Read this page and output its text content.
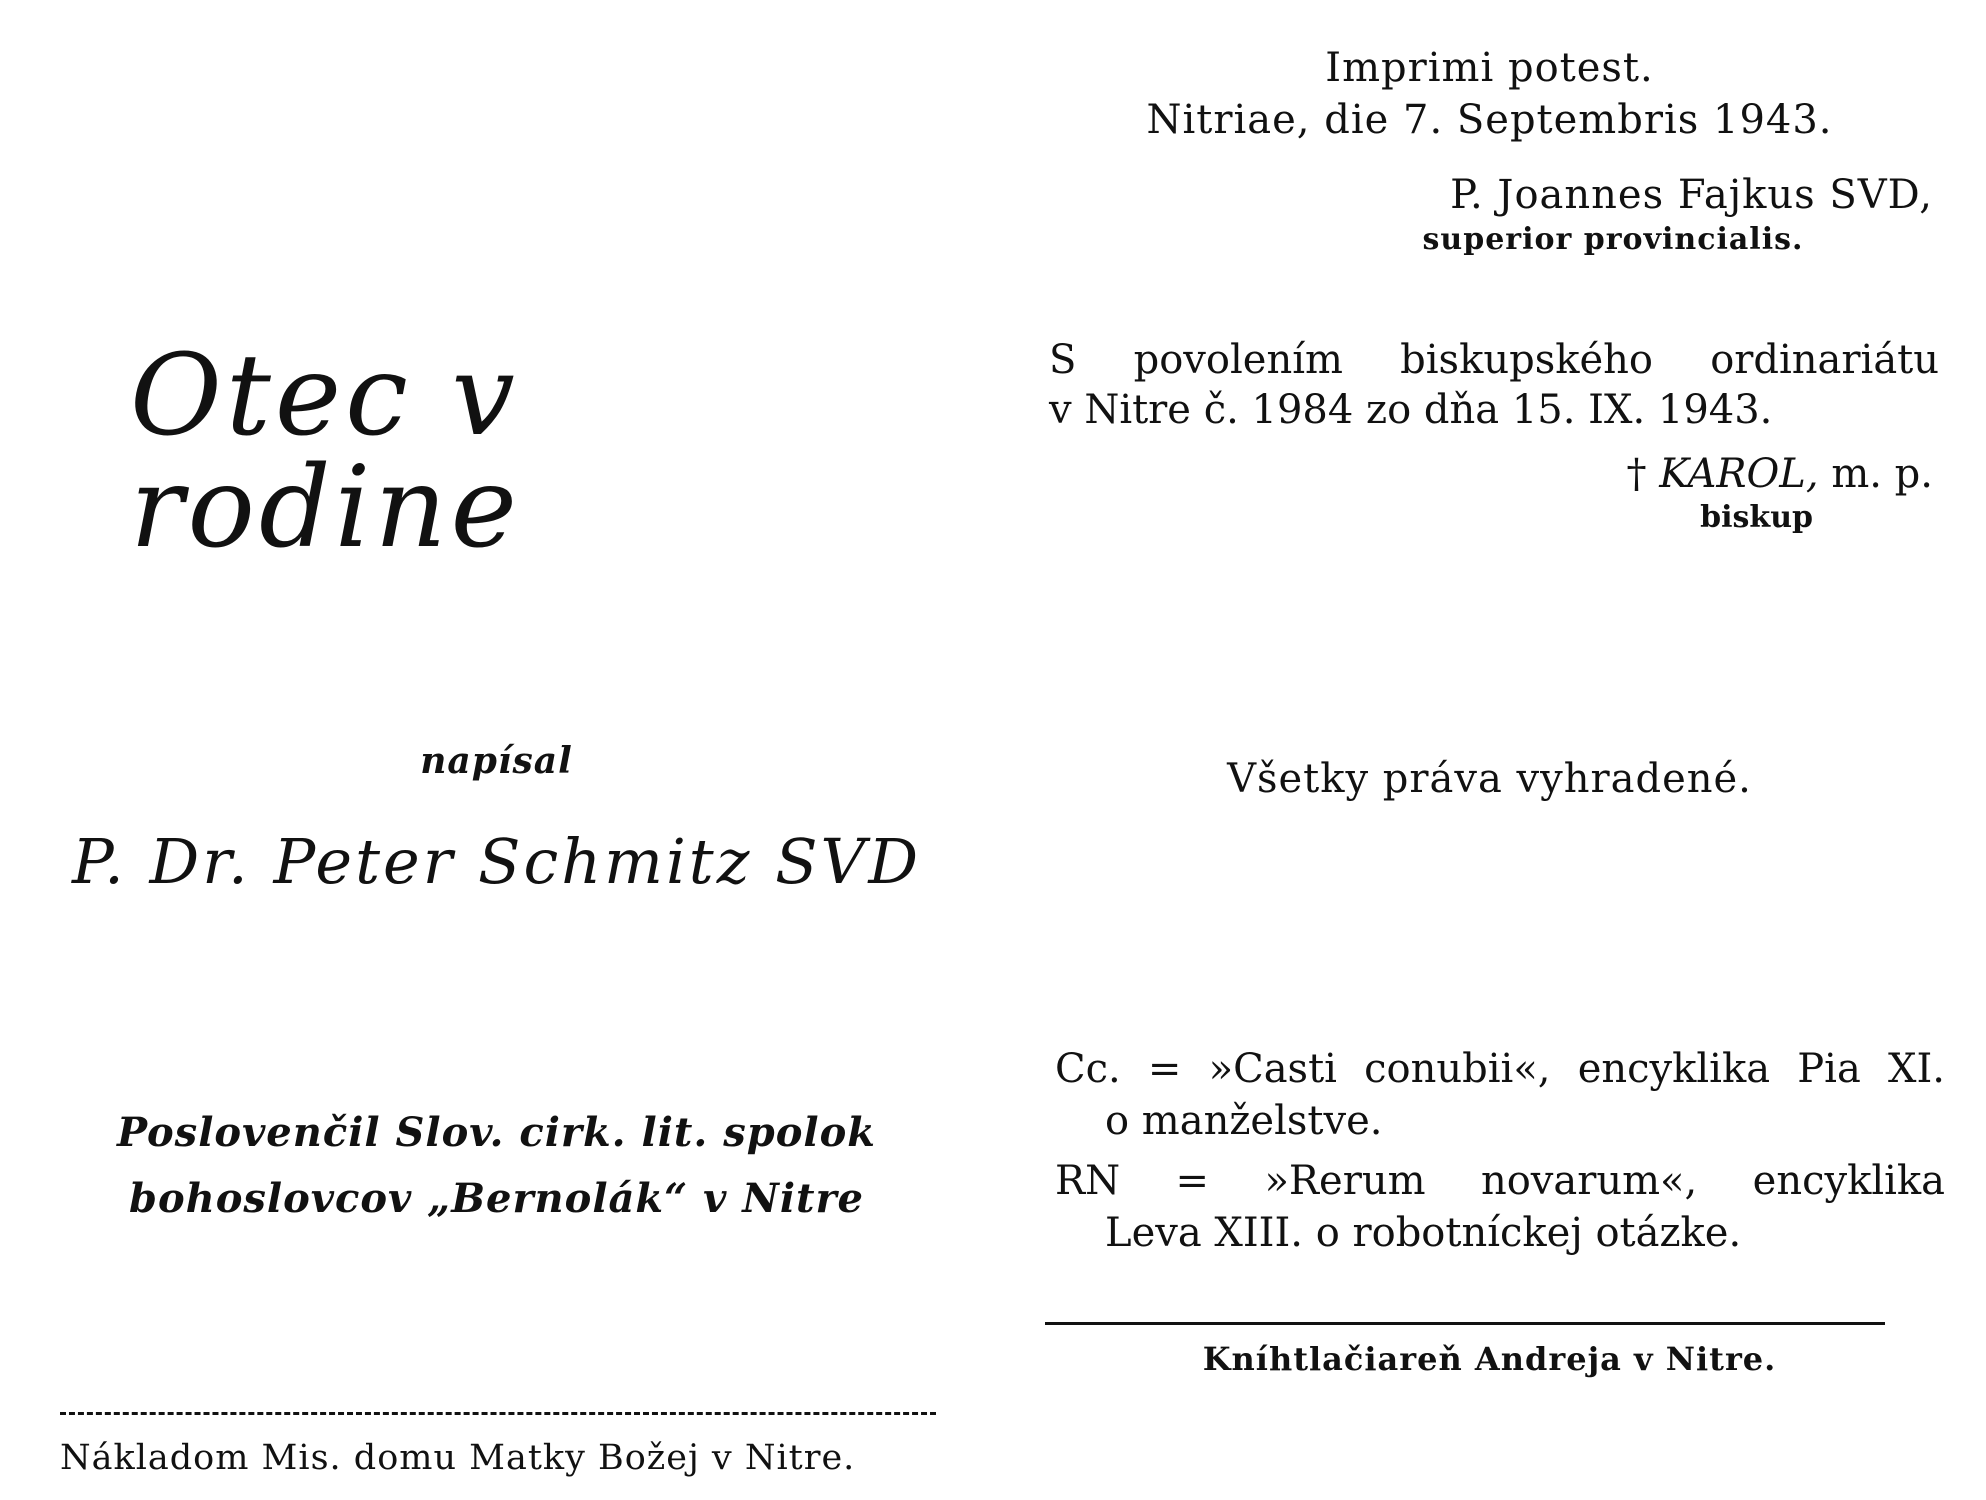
Otec v rodine
napísal
P. Dr. Peter Schmitz SVD
Poslovenčil Slov. cirk. lit. spolok
bohoslovcov „Bernolák“ v Nitre
Nákladom Mis. domu Matky Božej v Nitre.
Imprimi potest.
Nitriae, die 7. Septembris 1943.
P. Joannes Fajkus SVD,
superior provincialis.
S povolením biskupského ordinariátu
v Nitre č. 1984 zo dňa 15. IX. 1943.
† KAROL, m. p.
biskup
Všetky práva vyhradené.
Cc. = »Casti conubii«, encyklika Pia XI.
o manželstve.
RN = »Rerum novarum«, encyklika
Leva XIII. o robotníckej otázke.
Kníhtlačiareň Andreja v Nitre.
